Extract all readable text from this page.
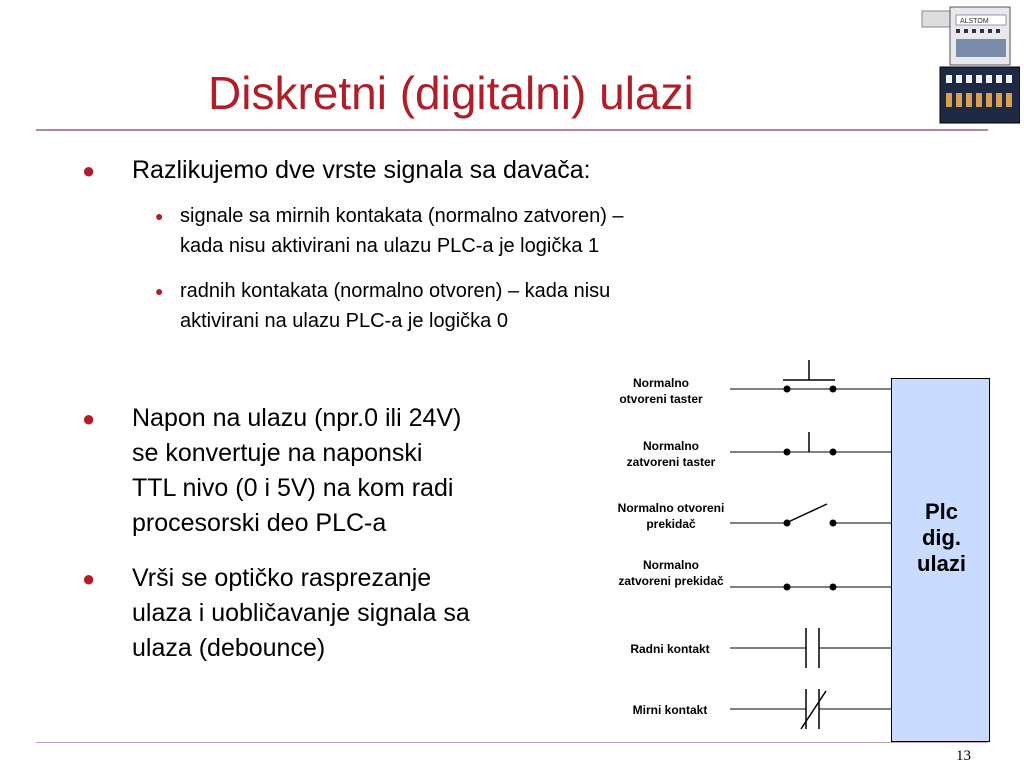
Diskretni (digitalni) ulazi
ALSTOM
● Razlikujemo dve vrste signala sa davača:
● signale sa mirnih kontakata (normalno zatvoren) –
kada nisu aktivirani na ulazu PLC-a je logička 1
● radnih kontakata (normalno otvoren) – kada nisu
aktivirani na ulazu PLC-a je logička 0
● Napon na ulazu (npr.0 ili 24V)
se konvertuje na naponski
TTL nivo (0 i 5V) na kom radi
procesorski deo PLC-a
● Vrši se optičko rasprezanje
ulaza i uobličavanje signala sa
ulaza (debounce)
Normalno
otvoreni taster
Normalno
zatvoreni taster
Normalno otvoreni
prekidač
Normalno
zatvoreni prekidač
Radni kontakt
Mirni kontakt
Plc
dig.
ulazi
13
